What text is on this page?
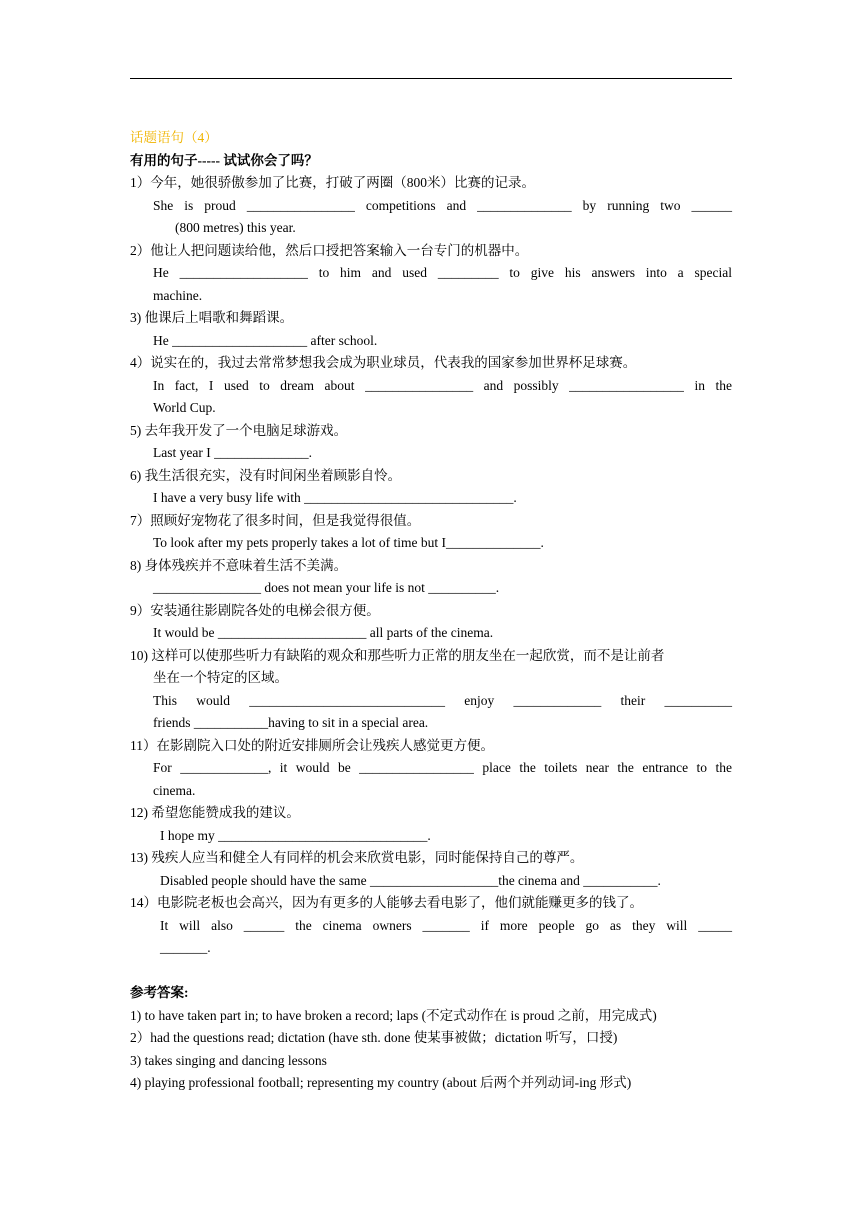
话题语句（4）
有用的句子----- 试试你会了吗？
1）今年，她很骄傲参加了比赛，打破了两圈（800米）比赛的记录。
She is proud ________________ competitions and ______________ by running two ______
(800 metres) this year.
2）他让人把问题读给他，然后口授把答案输入一台专门的机器中。
He ___________________ to him and used _________ to give his answers into a special
machine.
3) 他课后上唱歌和舞蹈课。
He ____________________ after school.
4）说实在的，我过去常常梦想我会成为职业球员，代表我的国家参加世界杯足球赛。
In fact, I used to dream about ________________ and possibly _________________ in the
World Cup.
5) 去年我开发了一个电脑足球游戏。
Last year I ______________.
6) 我生活很充实，没有时间闲坐着顾影自怜。
I have a very busy life with _______________________________.
7）照顾好宠物花了很多时间，但是我觉得很值。
To look after my pets properly takes a lot of time but I______________.
8) 身体残疾并不意味着生活不美满。
________________ does not mean your life is not __________.
9）安装通往影剧院各处的电梯会很方便。
It would be ______________________ all parts of the cinema.
10) 这样可以使那些听力有缺陷的观众和那些听力正常的朋友坐在一起欣赏，而不是让前者
坐在一个特定的区域。
This would _____________________________ enjoy _____________ their __________
friends ___________having to sit in a special area.
11）在影剧院入口处的附近安排厕所会让残疾人感觉更方便。
For _____________, it would be _________________ place the toilets near the entrance to the
cinema.
12) 希望您能赞成我的建议。
I hope my _______________________________.
13) 残疾人应当和健全人有同样的机会来欣赏电影，同时能保持自己的尊严。
Disabled people should have the same ___________________the cinema and ___________.
14）电影院老板也会高兴，因为有更多的人能够去看电影了，他们就能赚更多的钱了。
It will also ______ the cinema owners _______ if more people go as they will _____
_______.
参考答案:
1) to have taken part in; to have broken a record; laps (不定式动作在 is proud 之前，用完成式)
2）had the questions read; dictation (have sth. done 使某事被做；dictation 听写，口授)
3) takes singing and dancing lessons
4) playing professional football; representing my country (about 后两个并列动词-ing 形式)
